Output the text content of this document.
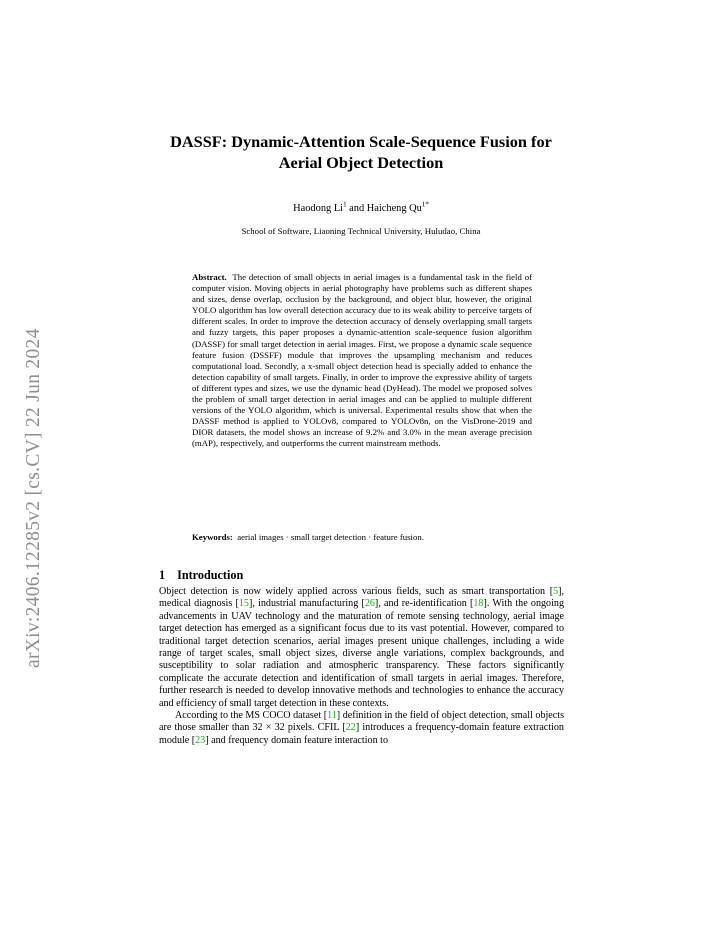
arXiv:2406.12285v2 [cs.CV] 22 Jun 2024
DASSF: Dynamic-Attention Scale-Sequence Fusion for
Aerial Object Detection
Haodong Li$^1$ and Haicheng $Qu^{1*}$
School of Software, Liaoning Technical University, Huludao, China
Abstract. The detection of small objects in aerial images is a fundamental task in the field of computer vision. Moving objects in aerial photography have problems such as different shapes and sizes, dense overlap, occlusion by the background, and object blur, however, the original YOLO algorithm has low overall detection accuracy due to its weak ability to perceive targets of different scales. In order to improve the detection accuracy of densely overlapping small targets and fuzzy targets, this paper proposes a dynamic-attention scale-sequence fusion algorithm (DASSF) for small target detection in aerial images. First, we propose a dynamic scale sequence feature fusion (DSSFF) module that improves the upsampling mechanism and reduces computational load. Secondly, a x-small object detection head is specially added to enhance the detection capability of small targets. Finally, in order to improve the expressive ability of targets of different types and sizes, we use the dynamic head (DyHead). The model we proposed solves the problem of small target detection in aerial images and can be applied to multiple different versions of the YOLO algorithm, which is universal. Experimental results show that when the DASSF method is applied to YOLOv8, compared to YOLOv8n, on the VisDrone-2019 and DIOR datasets, the model shows an increase of 9.2% and 3.0% in the mean average precision (mAP), respectively, and outperforms the current mainstream methods.
Keywords: aerial images · small target detection · feature fusion.
1 Introduction

Object detection is now widely applied across various fields, such as smart transportation [5], medical diagnosis [15], industrial manufacturing [26], and re-identification [18]. With the ongoing advancements in UAV technology and the maturation of remote sensing technology, aerial image target detection has emerged as a significant focus due to its vast potential. However, compared to traditional target detection scenarios, aerial images present unique challenges, including a wide range of target scales, small object sizes, diverse angle variations, complex backgrounds, and susceptibility to solar radiation and atmospheric transparency. These factors significantly complicate the accurate detection and identification of small targets in aerial images. Therefore, further research is needed to develop innovative methods and technologies to enhance the accuracy and efficiency of small target detection in these contexts.

According to the MS COCO dataset [11] definition in the field of object detection, small objects are those smaller than 32 × 32 pixels. CFIL [22] introduces a frequency-domain feature extraction module [23] and frequency domain feature interaction to
